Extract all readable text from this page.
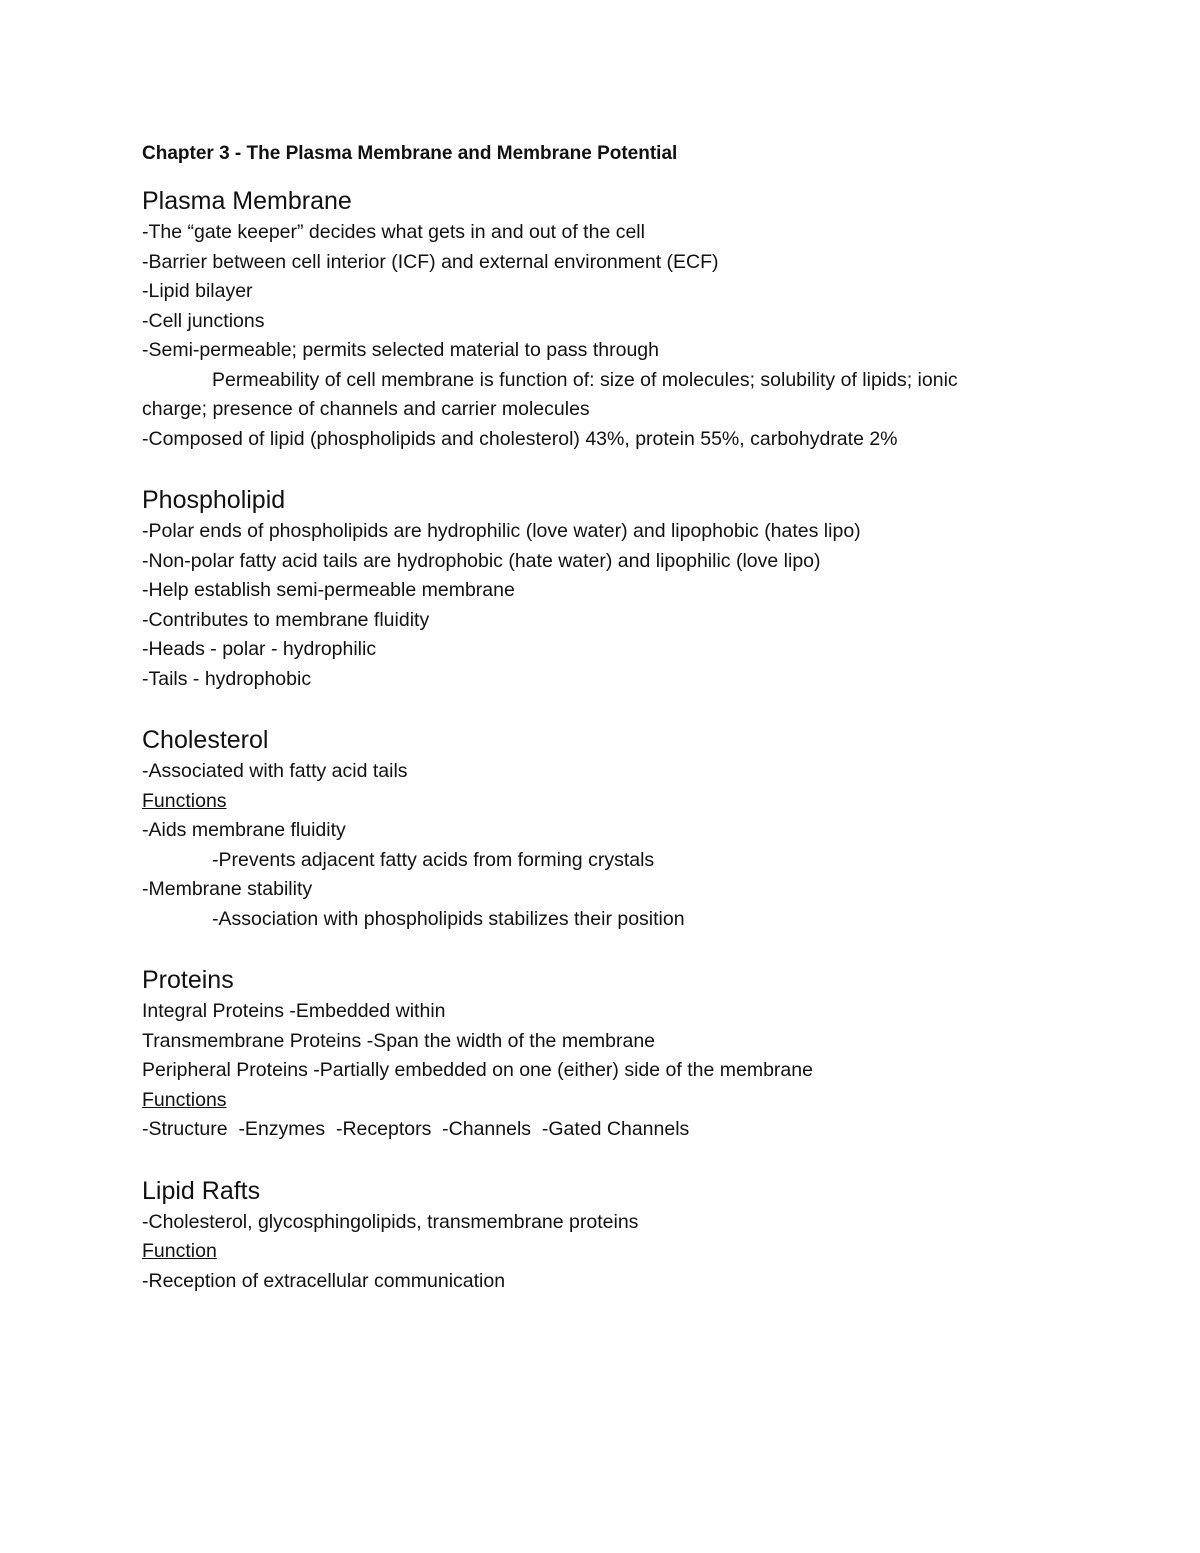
Chapter 3 - The Plasma Membrane and Membrane Potential
Plasma Membrane

-The “gate keeper” decides what gets in and out of the cell

-Barrier between cell interior (ICF) and external environment (ECF)

-Lipid bilayer

-Cell junctions

-Semi-permeable; permits selected material to pass through

Permeability of cell membrane is function of: size of molecules; solubility of lipids; ionic

charge; presence of channels and carrier molecules

-Composed of lipid (phospholipids and cholesterol) 43%, protein 55%, carbohydrate 2%

Phospholipid

-Polar ends of phospholipids are hydrophilic (love water) and lipophobic (hates lipo)

-Non-polar fatty acid tails are hydrophobic (hate water) and lipophilic (love lipo)

-Help establish semi-permeable membrane

-Contributes to membrane fluidity

-Heads - polar - hydrophilic

-Tails - hydrophobic

Cholesterol

-Associated with fatty acid tails

Functions

-Aids membrane fluidity

-Prevents adjacent fatty acids from forming crystals

-Membrane stability

-Association with phospholipids stabilizes their position

Proteins

Integral Proteins -Embedded within

Transmembrane Proteins -Span the width of the membrane

Peripheral Proteins -Partially embedded on one (either) side of the membrane

Functions

-Structure  -Enzymes  -Receptors  -Channels  -Gated Channels

Lipid Rafts

-Cholesterol, glycosphingolipids, transmembrane proteins

Function

-Reception of extracellular communication
